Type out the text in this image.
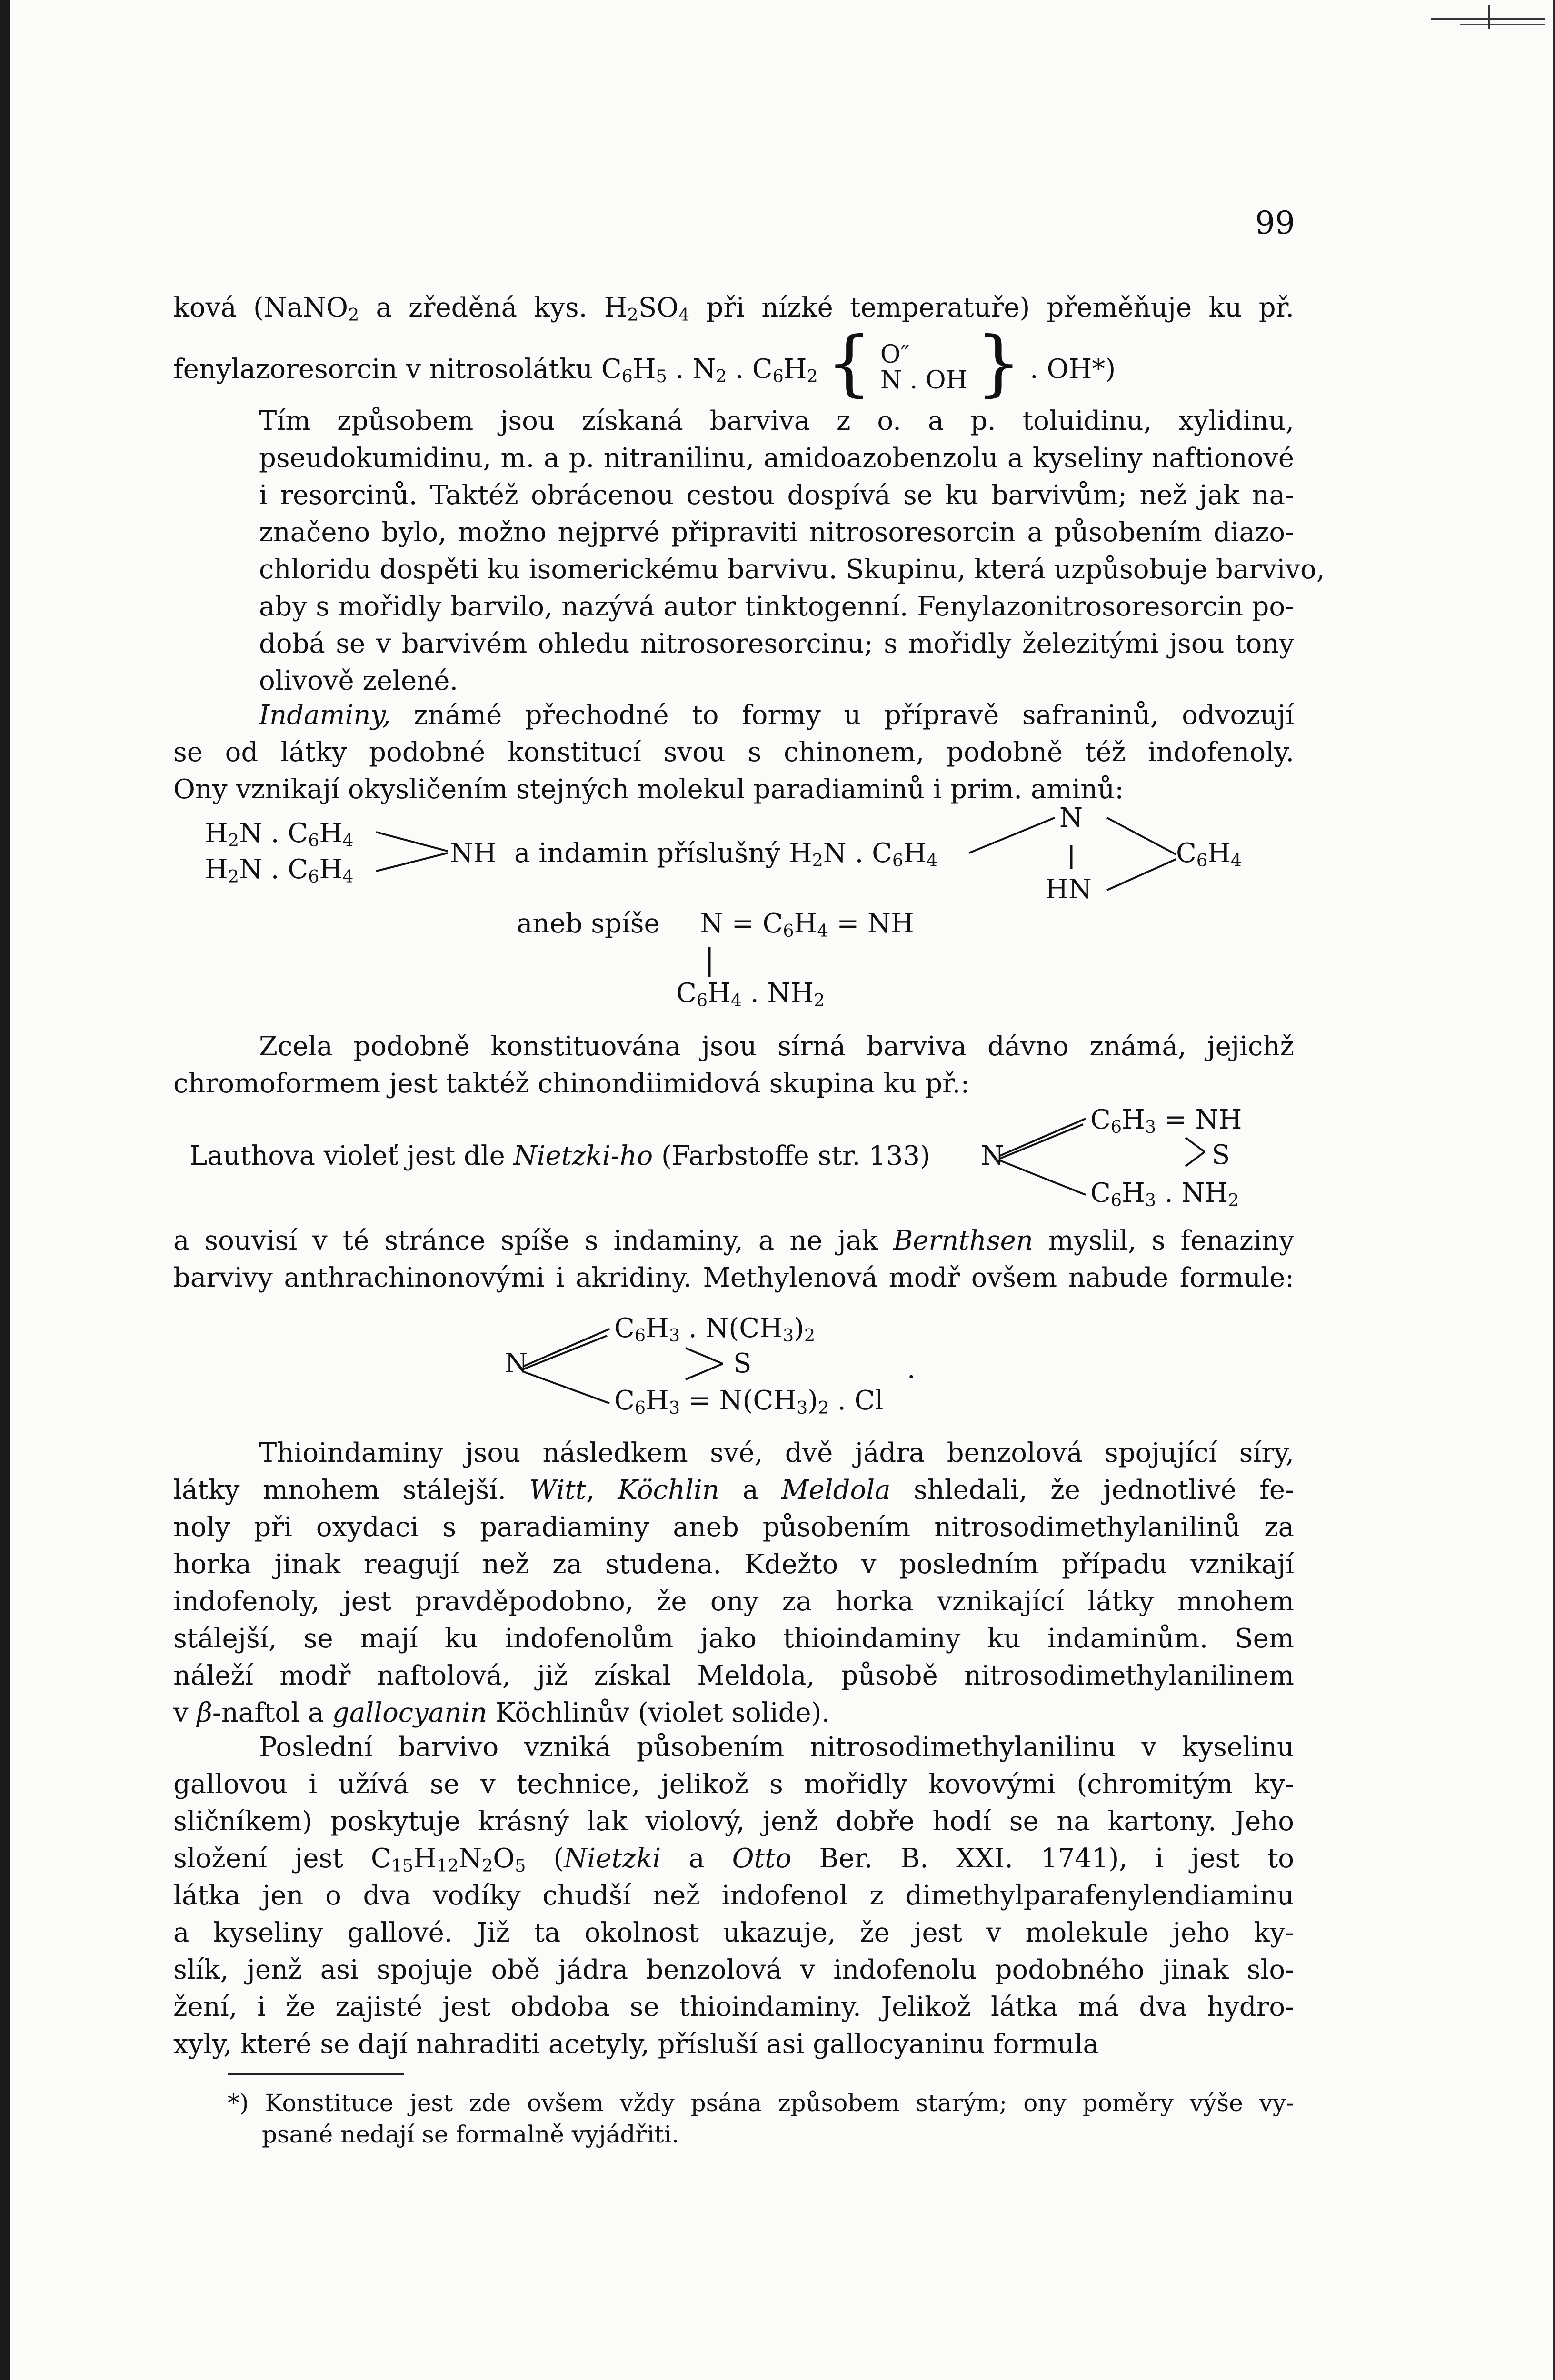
99
ková (NaNO$_2$ a zředěná kys. $H_2SO_4$ při nízké temperatuře) přeměňuje ku př.
fenylazoresorcin v nitrosolátku $C_6H_5$ . $N_2$ . $C_6H_2$ { O″
N . OH } . OH*)

Tím způsobem jsou získaná barviva z o. a p. toluidinu, xylidinu,
pseudokumidinu, m. a p. nitranilinu, amidoazobenzolu a kyseliny naftionové
i resorcinů. Taktéž obrácenou cestou dospívá se ku barvivům; než jak na-
značeno bylo, možno nejprvé připraviti nitrosoresorcin a působením diazo-
chloridu dospěti ku isomerickému barvivu. Skupinu, která uzpůsobuje barvivo,
aby s mořidly barvilo, nazývá autor tinktogenní. Fenylazonitrosoresorcin po-
dobá se v barvivém ohledu nitrosoresorcinu; s mořidly železitými jsou tony
olivově zelené.

Indaminy, známé přechodné to formy u přípravě safraninů, odvozují
se od látky podobné konstitucí svou s chinonem, podobně též indofenoly.
Ony vznikají okysličením stejných molekul paradiaminů i prim. aminů:
$H_2N$ . $C_6H_4$
$H_2N$ . $C_6H_4$
NH a indamin příslušný $H_2N$ . $C_6H_4$
N
HN
$C_6H_4$
aneb spíše $N = C_6H_4$ = NH
$C_6H_4$ . $NH_2$
Zcela podobně konstituována jsou sírná barviva dávno známá, jejichž
chromoformem jest taktéž chinondiimidová skupina ku př.:
Lauthova violeť jest dle Nietzki-ho (Farbstoffe str. 133) N
$C_6H_3$ = NH
S
$C_6H_3$ . $NH_2$
a souvisí v té stránce spíše s indaminy, a ne jak Bernthsen myslil, s fenaziny
barvivy anthrachinonovými i akridiny. Methylenová modř ovšem nabude formule:
N
$C_6H_3$ . $N(CH_3)_2$
S	.
$C_6H_3 = N(CH_3)_2$ . Cl
Thioindaminy jsou následkem své, dvě jádra benzolová spojující síry,
látky mnohem stálejší. Witt, Köchlin a Meldola shledali, že jednotlivé fe-
noly při oxydaci s paradiaminy aneb působením nitrosodimethylanilinů za
horka jinak reagují než za studena. Kdežto v posledním případu vznikají
indofenoly, jest pravděpodobno, že ony za horka vznikající látky mnohem
stálejší, se mají ku indofenolům jako thioindaminy ku indaminům. Sem
náleží modř naftolová, již získal Meldola, působě nitrosodimethylanilinem
v β-naftol a gallocyanin Köchlinův (violet solide).
Poslední barvivo vzniká působením nitrosodimethylanilinu v kyselinu
gallovou i užívá se v technice, jelikož s mořidly kovovými (chromitým ky-
sličníkem) poskytuje krásný lak violový, jenž dobře hodí se na kartony. Jeho
složení jest $C_{15}H_{12}N_2O_5$ (Nietzki a Otto Ber. B. XXI. 1741), i jest to
látka jen o dva vodíky chudší než indofenol z dimethylparafenylendiaminu
a kyseliny gallové. Již ta okolnost ukazuje, že jest v molekule jeho ky-
slík, jenž asi spojuje obě jádra benzolová v indofenolu podobného jinak slo-
žení, i že zajisté jest obdoba se thioindaminy. Jelikož látka má dva hydro-
xyly, které se dají nahraditi acetyly, přísluší asi gallocyaninu formula
*) Konstituce jest zde ovšem vždy psána způsobem starým; ony poměry výše vy-
psané nedají se formalně vyjádřiti.
